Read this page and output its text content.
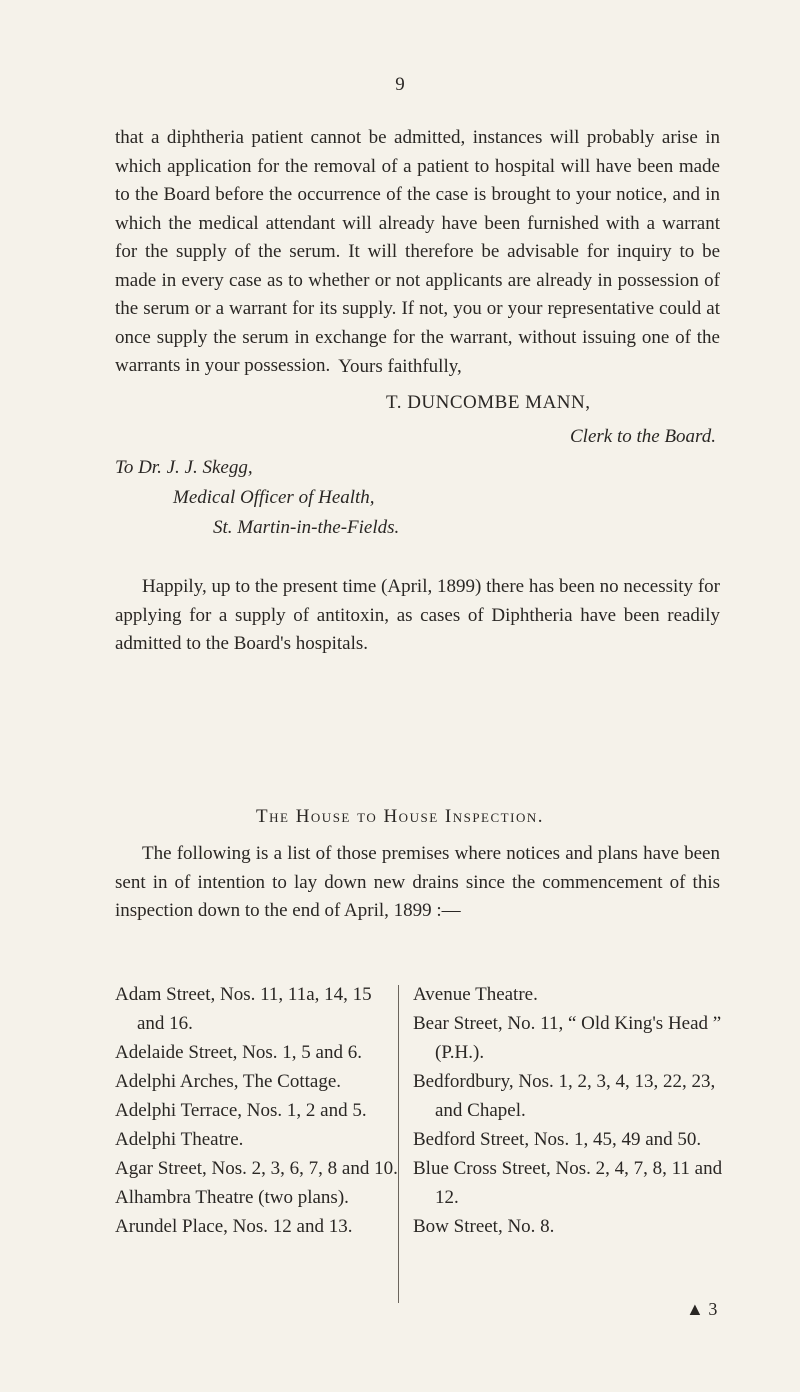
9

that a diphtheria patient cannot be admitted, instances will probably arise in which application for the removal of a patient to hospital will have been made to the Board before the occurrence of the case is brought to your notice, and in which the medical attendant will already have been furnished with a warrant for the supply of the serum. It will therefore be advisable for inquiry to be made in every case as to whether or not applicants are already in possession of the serum or a warrant for its supply. If not, you or your representative could at once supply the serum in exchange for the warrant, without issuing one of the warrants in your possession. Yours faithfully,
T. DUNCOMBE MANN,
Clerk to the Board.
To Dr. J. J. Skegg,
Medical Officer of Health,
St. Martin-in-the-Fields.

Happily, up to the present time (April, 1899) there has been no necessity for applying for a supply of antitoxin, as cases of Diphtheria have been readily admitted to the Board's hospitals.

The House to House Inspection.

The following is a list of those premises where notices and plans have been sent in of intention to lay down new drains since the commencement of this inspection down to the end of April, 1899 :—

Adam Street, Nos. 11, 11a, 14, 15 and 16.
Adelaide Street, Nos. 1, 5 and 6.
Adelphi Arches, The Cottage.
Adelphi Terrace, Nos. 1, 2 and 5.
Adelphi Theatre.
Agar Street, Nos. 2, 3, 6, 7, 8 and 10.
Alhambra Theatre (two plans).
Arundel Place, Nos. 12 and 13.
Avenue Theatre.
Bear Street, No. 11, “ Old King's Head ” (P.H.).
Bedfordbury, Nos. 1, 2, 3, 4, 13, 22, 23, and Chapel.
Bedford Street, Nos. 1, 45, 49 and 50.
Blue Cross Street, Nos. 2, 4, 7, 8, 11 and 12.
Bow Street, No. 8.
▲ 3
